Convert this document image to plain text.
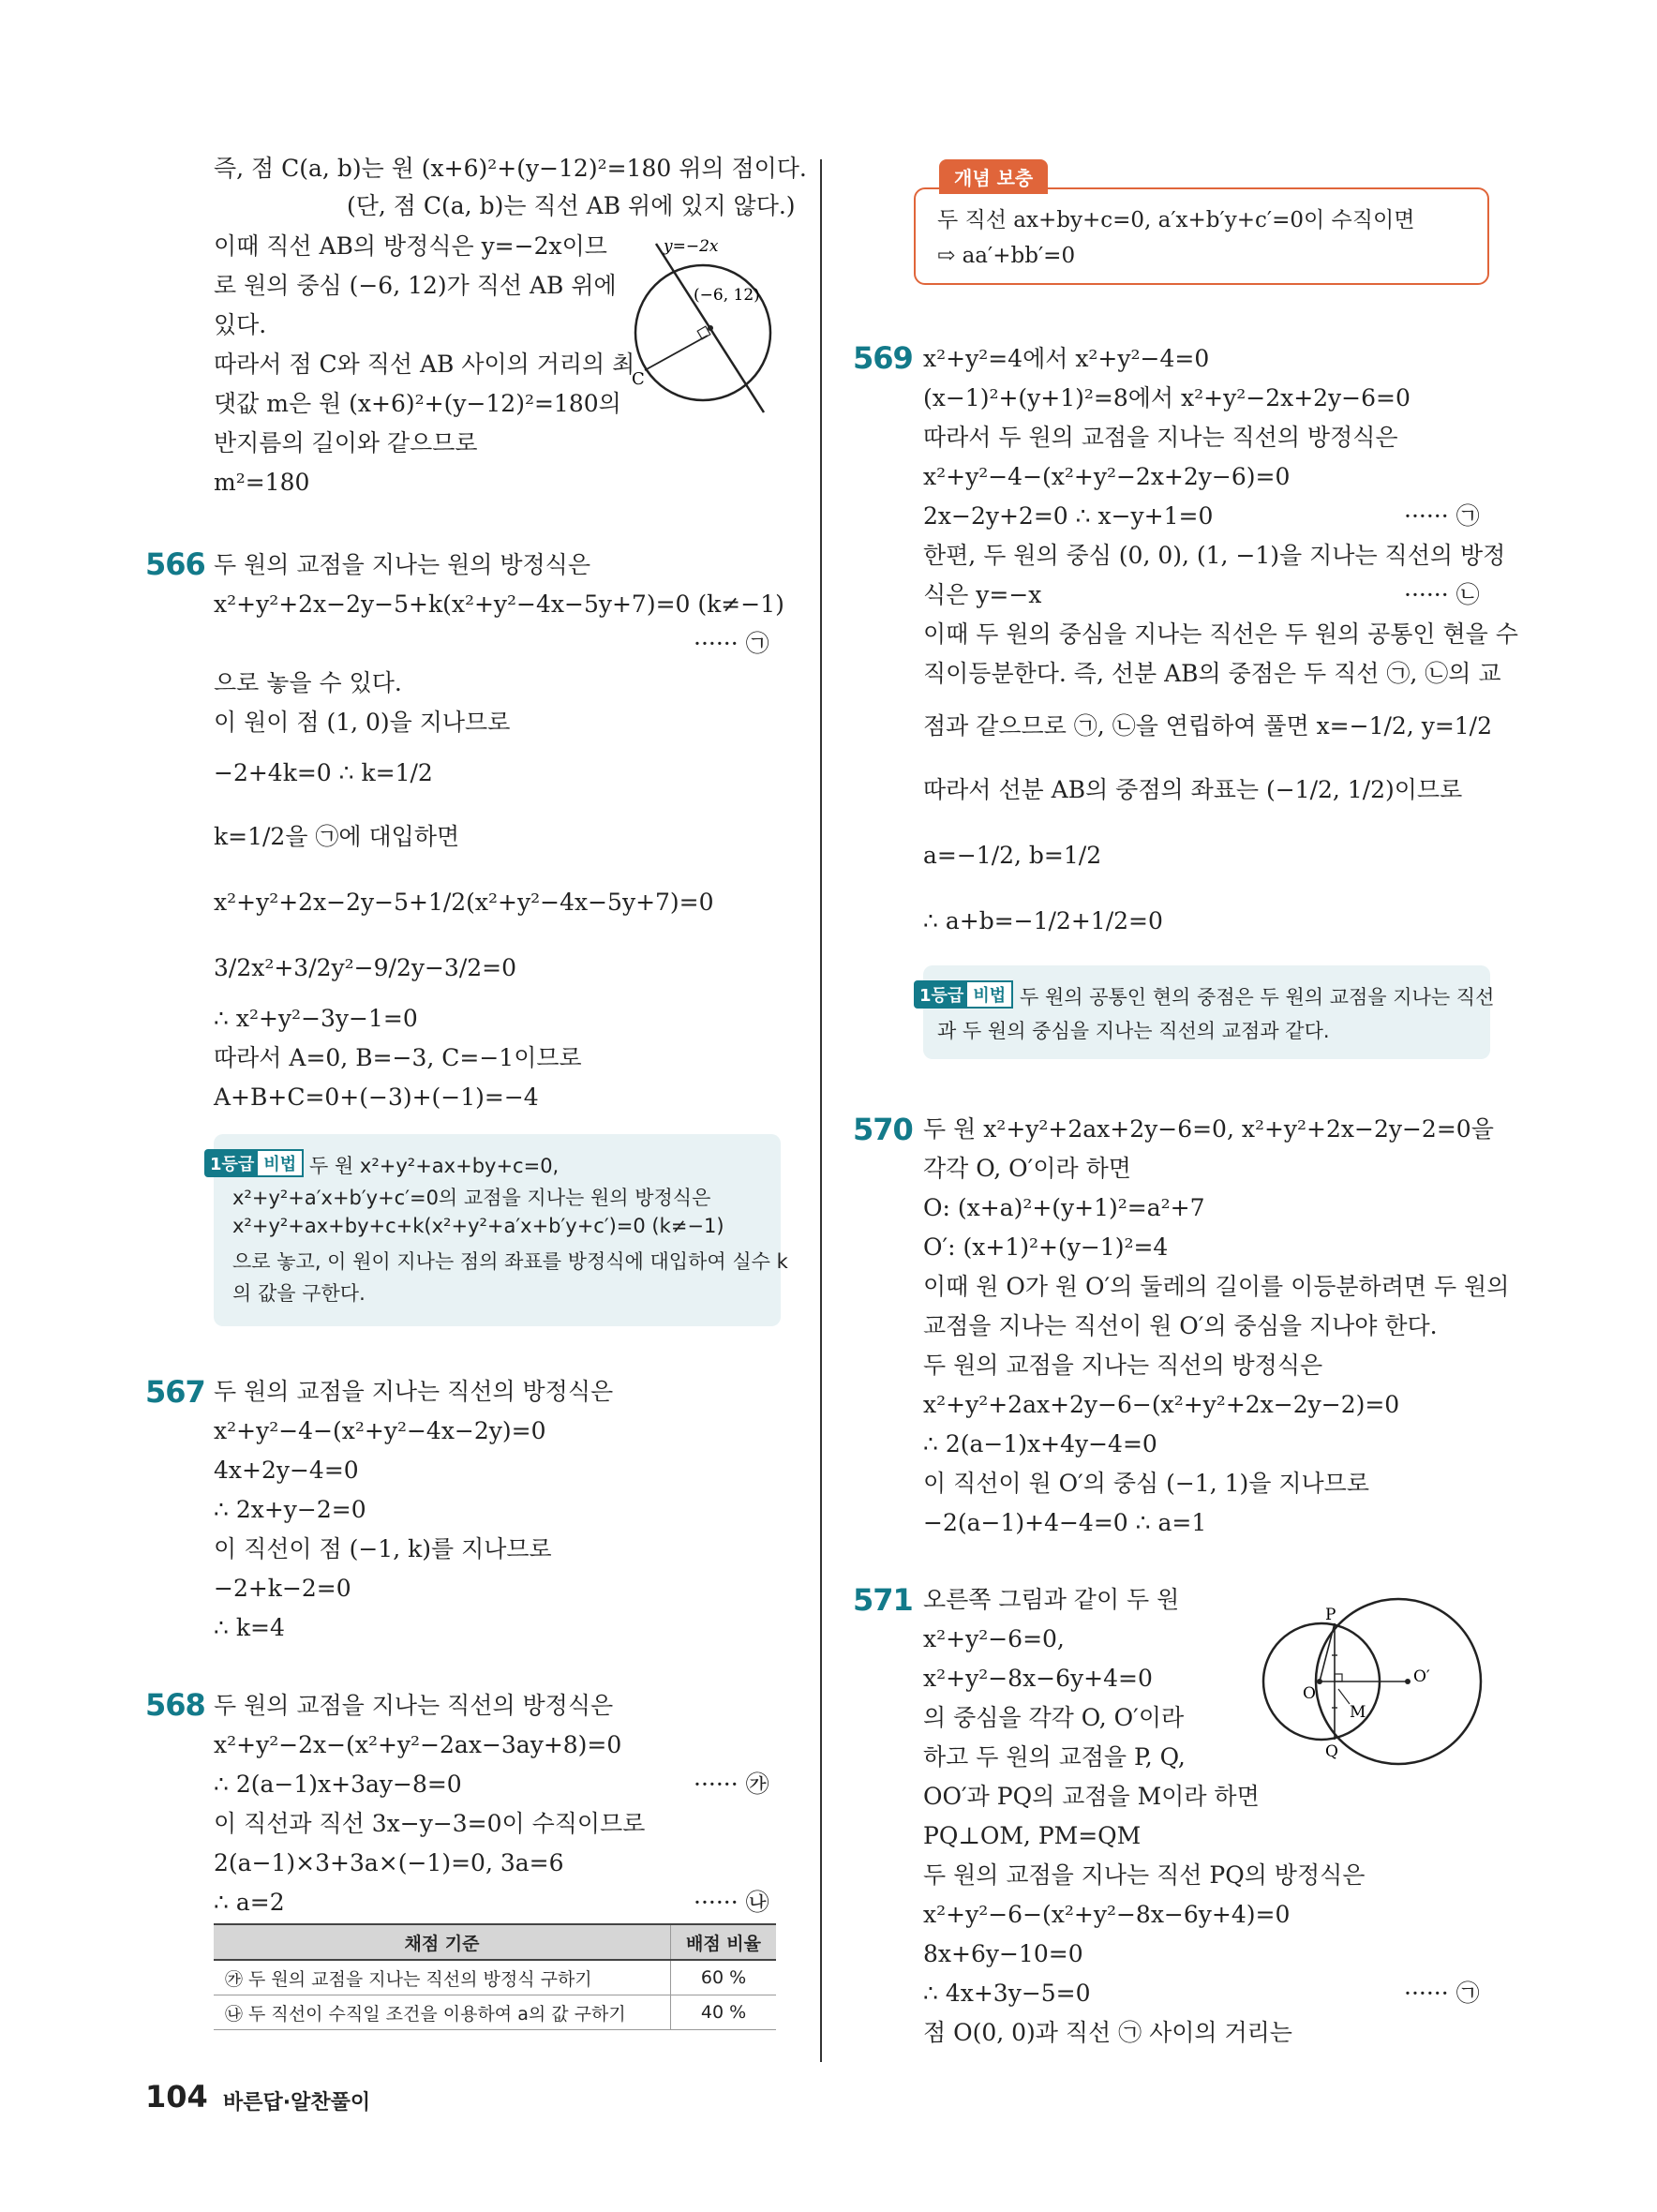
즉, 점 C(a, b)는 원 (x+6)²+(y−12)²=180 위의 점이다.
(단, 점 C(a, b)는 직선 AB 위에 있지 않다.)
이때 직선 AB의 방정식은 y=−2x이므
로 원의 중심 (−6, 12)가 직선 AB 위에
있다.
따라서 점 C와 직선 AB 사이의 거리의 최
댓값 m은 원 (x+6)²+(y−12)²=180의
반지름의 길이와 같으므로
m²=180
y=−2x
(−6, 12)
C
566 두 원의 교점을 지나는 원의 방정식은
x²+y²+2x−2y−5+k(x²+y²−4x−5y+7)=0 (k≠−1)
······ ㉠
으로 놓을 수 있다.
이 원이 점 (1, 0)을 지나므로
−2+4k=0 ∴ k=1/2
k=1/2을 ㉠에 대입하면
x²+y²+2x−2y−5+1/2(x²+y²−4x−5y+7)=0
3/2x²+3/2y²−9/2y−3/2=0
∴ x²+y²−3y−1=0
따라서 A=0, B=−3, C=−1이므로
A+B+C=0+(−3)+(−1)=−4
1등급 비법 두 원 x²+y²+ax+by+c=0,
x²+y²+a′x+b′y+c′=0의 교점을 지나는 원의 방정식은
x²+y²+ax+by+c+k(x²+y²+a′x+b′y+c′)=0 (k≠−1)
으로 놓고, 이 원이 지나는 점의 좌표를 방정식에 대입하여 실수 k
의 값을 구한다.
567 두 원의 교점을 지나는 직선의 방정식은
x²+y²−4−(x²+y²−4x−2y)=0
4x+2y−4=0
∴ 2x+y−2=0
이 직선이 점 (−1, k)를 지나므로
−2+k−2=0
∴ k=4
568 두 원의 교점을 지나는 직선의 방정식은
x²+y²−2x−(x²+y²−2ax−3ay+8)=0
∴ 2(a−1)x+3ay−8=0	······ ㉮
이 직선과 직선 3x−y−3=0이 수직이므로
2(a−1)×3+3a×(−1)=0, 3a=6
∴ a=2	······ ㉯
채점 기준	배점 비율
㉮ 두 원의 교점을 지나는 직선의 방정식 구하기	60 %
㉯ 두 직선이 수직일 조건을 이용하여 a의 값 구하기	40 %
개념 보충
두 직선 ax+by+c=0, a′x+b′y+c′=0이 수직이면
⇨ aa′+bb′=0
569 x²+y²=4에서 x²+y²−4=0
(x−1)²+(y+1)²=8에서 x²+y²−2x+2y−6=0
따라서 두 원의 교점을 지나는 직선의 방정식은
x²+y²−4−(x²+y²−2x+2y−6)=0
2x−2y+2=0 ∴ x−y+1=0	······ ㉠
한편, 두 원의 중심 (0, 0), (1, −1)을 지나는 직선의 방정
식은 y=−x	······ ㉡
이때 두 원의 중심을 지나는 직선은 두 원의 공통인 현을 수
직이등분한다. 즉, 선분 AB의 중점은 두 직선 ㉠, ㉡의 교
점과 같으므로 ㉠, ㉡을 연립하여 풀면 x=−1/2, y=1/2
따라서 선분 AB의 중점의 좌표는 (−1/2, 1/2)이므로
a=−1/2, b=1/2
∴ a+b=−1/2+1/2=0
1등급 비법 두 원의 공통인 현의 중점은 두 원의 교점을 지나는 직선
과 두 원의 중심을 지나는 직선의 교점과 같다.
570 두 원 x²+y²+2ax+2y−6=0, x²+y²+2x−2y−2=0을
각각 O, O′이라 하면
O: (x+a)²+(y+1)²=a²+7
O′: (x+1)²+(y−1)²=4
이때 원 O가 원 O′의 둘레의 길이를 이등분하려면 두 원의
교점을 지나는 직선이 원 O′의 중심을 지나야 한다.
두 원의 교점을 지나는 직선의 방정식은
x²+y²+2ax+2y−6−(x²+y²+2x−2y−2)=0
∴ 2(a−1)x+4y−4=0
이 직선이 원 O′의 중심 (−1, 1)을 지나므로
−2(a−1)+4−4=0 ∴ a=1
571 오른쪽 그림과 같이 두 원
x²+y²−6=0,
x²+y²−8x−6y+4=0
의 중심을 각각 O, O′이라
하고 두 원의 교점을 P, Q,
OO′과 PQ의 교점을 M이라 하면
PQ⊥OM, PM=QM
두 원의 교점을 지나는 직선 PQ의 방정식은
x²+y²−6−(x²+y²−8x−6y+4)=0
8x+6y−10=0
∴ 4x+3y−5=0	······ ㉠
점 O(0, 0)과 직선 ㉠ 사이의 거리는
P
Q
O
O′
M
104 바른답·알찬풀이
